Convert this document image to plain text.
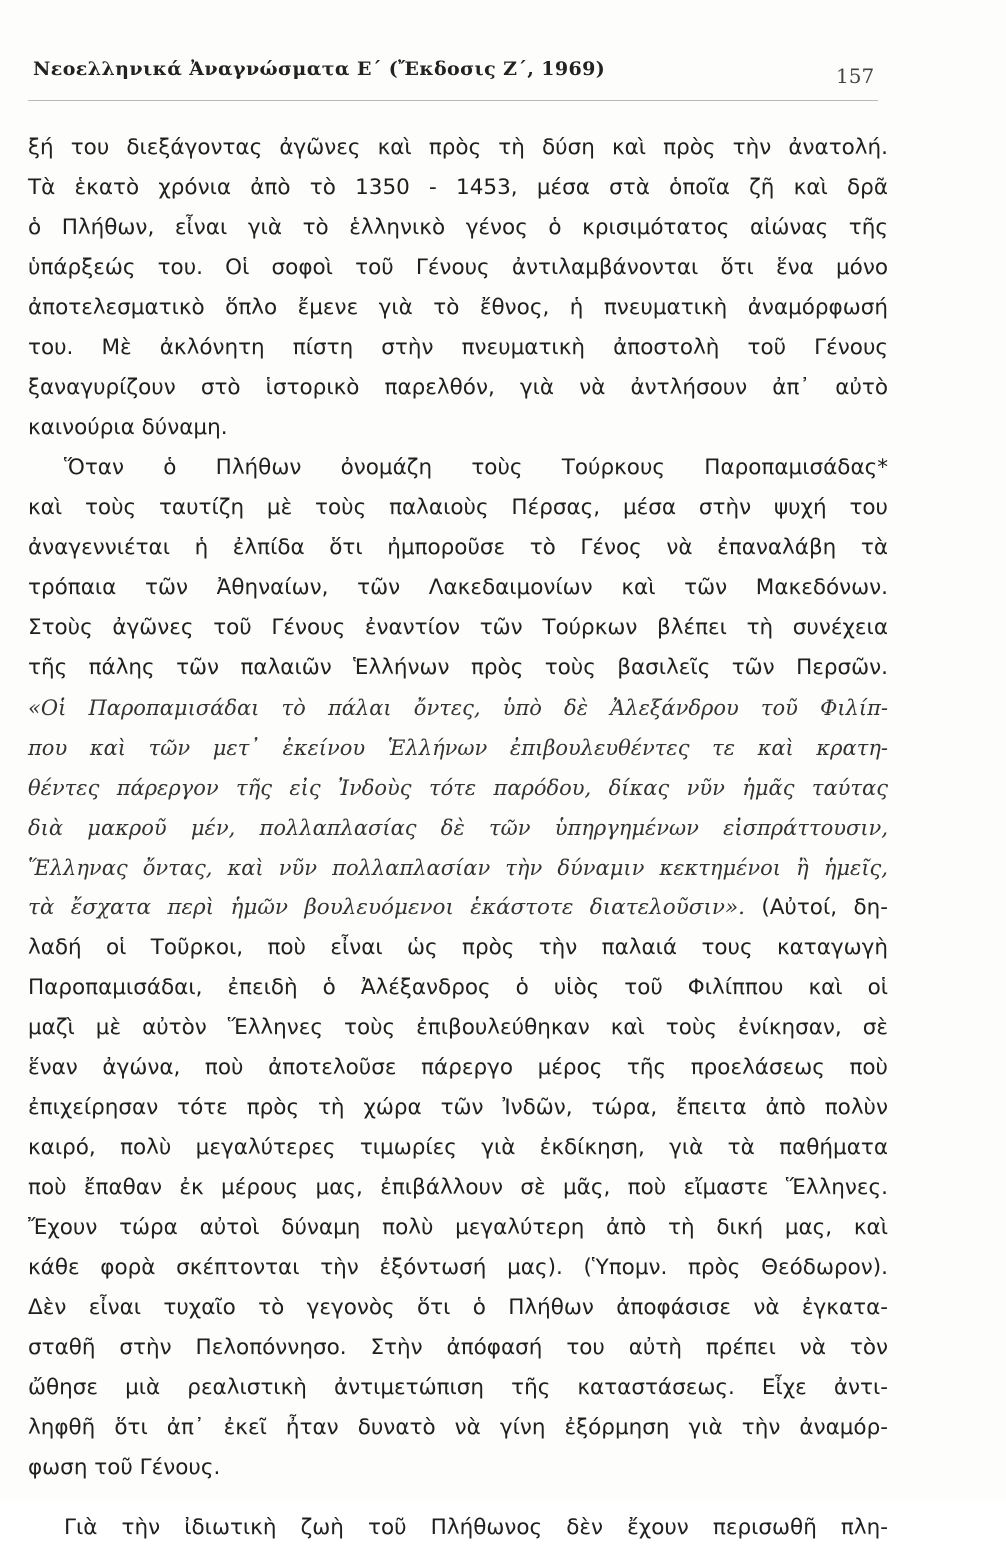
Νεοελληνικά Ἀναγνώσματα Ε΄ (Ἔκδοσις Ζ΄, 1969)	157
ξή του διεξάγοντας ἀγῶνες καὶ πρὸς τὴ δύση καὶ πρὸς τὴν ἀνατολή.
Τὰ ἑκατὸ χρόνια ἀπὸ τὸ 1350 - 1453, μέσα στὰ ὁποῖα ζῆ καὶ δρᾶ
ὁ Πλήθων, εἶναι γιὰ τὸ ἑλληνικὸ γένος ὁ κρισιμότατος αἰώνας τῆς
ὑπάρξεώς του. Οἱ σοφοὶ τοῦ Γένους ἀντιλαμβάνονται ὅτι ἕνα μόνο
ἀποτελεσματικὸ ὅπλο ἔμενε γιὰ τὸ ἔθνος, ἡ πνευματικὴ ἀναμόρφωσή
του. Μὲ ἀκλόνητη πίστη στὴν πνευματικὴ ἀποστολὴ τοῦ Γένους
ξαναγυρίζουν στὸ ἱστορικὸ παρελθόν, γιὰ νὰ ἀντλήσουν ἀπ᾽ αὐτὸ
καινούρια δύναμη.
Ὅταν ὁ Πλήθων ὀνομάζη τοὺς Τούρκους Παροπαμισάδας*
καὶ τοὺς ταυτίζη μὲ τοὺς παλαιοὺς Πέρσας, μέσα στὴν ψυχή του
ἀναγεννιέται ἡ ἐλπίδα ὅτι ἠμποροῦσε τὸ Γένος νὰ ἐπαναλάβη τὰ
τρόπαια τῶν Ἀθηναίων, τῶν Λακεδαιμονίων καὶ τῶν Μακεδόνων.
Στοὺς ἀγῶνες τοῦ Γένους ἐναντίον τῶν Τούρκων βλέπει τὴ συνέχεια
τῆς πάλης τῶν παλαιῶν Ἑλλήνων πρὸς τοὺς βασιλεῖς τῶν Περσῶν.
«Οἱ Παροπαμισάδαι τὸ πάλαι ὄντες, ὑπὸ δὲ Ἀλεξάνδρου τοῦ Φιλίπ-
που καὶ τῶν μετ᾽ ἐκείνου Ἑλλήνων ἐπιβουλευθέντες τε καὶ κρατη-
θέντες πάρεργον τῆς εἰς Ἰνδοὺς τότε παρόδου, δίκας νῦν ἡμᾶς ταύτας
διὰ μακροῦ μέν, πολλαπλασίας δὲ τῶν ὑπηργημένων εἰσπράττουσιν,
Ἕλληνας ὄντας, καὶ νῦν πολλαπλασίαν τὴν δύναμιν κεκτημένοι ἢ ἡμεῖς,
τὰ ἔσχατα περὶ ἡμῶν βουλευόμενοι ἑκάστοτε διατελοῦσιν». (Αὐτοί, δη-
λαδή οἱ Τοῦρκοι, ποὺ εἶναι ὡς πρὸς τὴν παλαιά τους καταγωγὴ
Παροπαμισάδαι, ἐπειδὴ ὁ Ἀλέξανδρος ὁ υἱὸς τοῦ Φιλίππου καὶ οἱ
μαζὶ μὲ αὐτὸν Ἕλληνες τοὺς ἐπιβουλεύθηκαν καὶ τοὺς ἐνίκησαν, σὲ
ἕναν ἀγώνα, ποὺ ἀποτελοῦσε πάρεργο μέρος τῆς προελάσεως ποὺ
ἐπιχείρησαν τότε πρὸς τὴ χώρα τῶν Ἰνδῶν, τώρα, ἔπειτα ἀπὸ πολὺν
καιρό, πολὺ μεγαλύτερες τιμωρίες γιὰ ἐκδίκηση, γιὰ τὰ παθήματα
ποὺ ἔπαθαν ἐκ μέρους μας, ἐπιβάλλουν σὲ μᾶς, ποὺ εἴμαστε Ἕλληνες.
Ἔχουν τώρα αὐτοὶ δύναμη πολὺ μεγαλύτερη ἀπὸ τὴ δική μας, καὶ
κάθε φορὰ σκέπτονται τὴν ἐξόντωσή μας). (Ὑπομν. πρὸς Θεόδωρον).
Δὲν εἶναι τυχαῖο τὸ γεγονὸς ὅτι ὁ Πλήθων ἀποφάσισε νὰ ἐγκατα-
σταθῆ στὴν Πελοπόννησο. Στὴν ἀπόφασή του αὐτὴ πρέπει νὰ τὸν
ὤθησε μιὰ ρεαλιστικὴ ἀντιμετώπιση τῆς καταστάσεως. Εἶχε ἀντι-
ληφθῆ ὅτι ἀπ᾽ ἐκεῖ ἦταν δυνατὸ νὰ γίνη ἐξόρμηση γιὰ τὴν ἀναμόρ-
φωση τοῦ Γένους.
Γιὰ τὴν ἰδιωτικὴ ζωὴ τοῦ Πλήθωνος δὲν ἔχουν περισωθῆ πλη-
